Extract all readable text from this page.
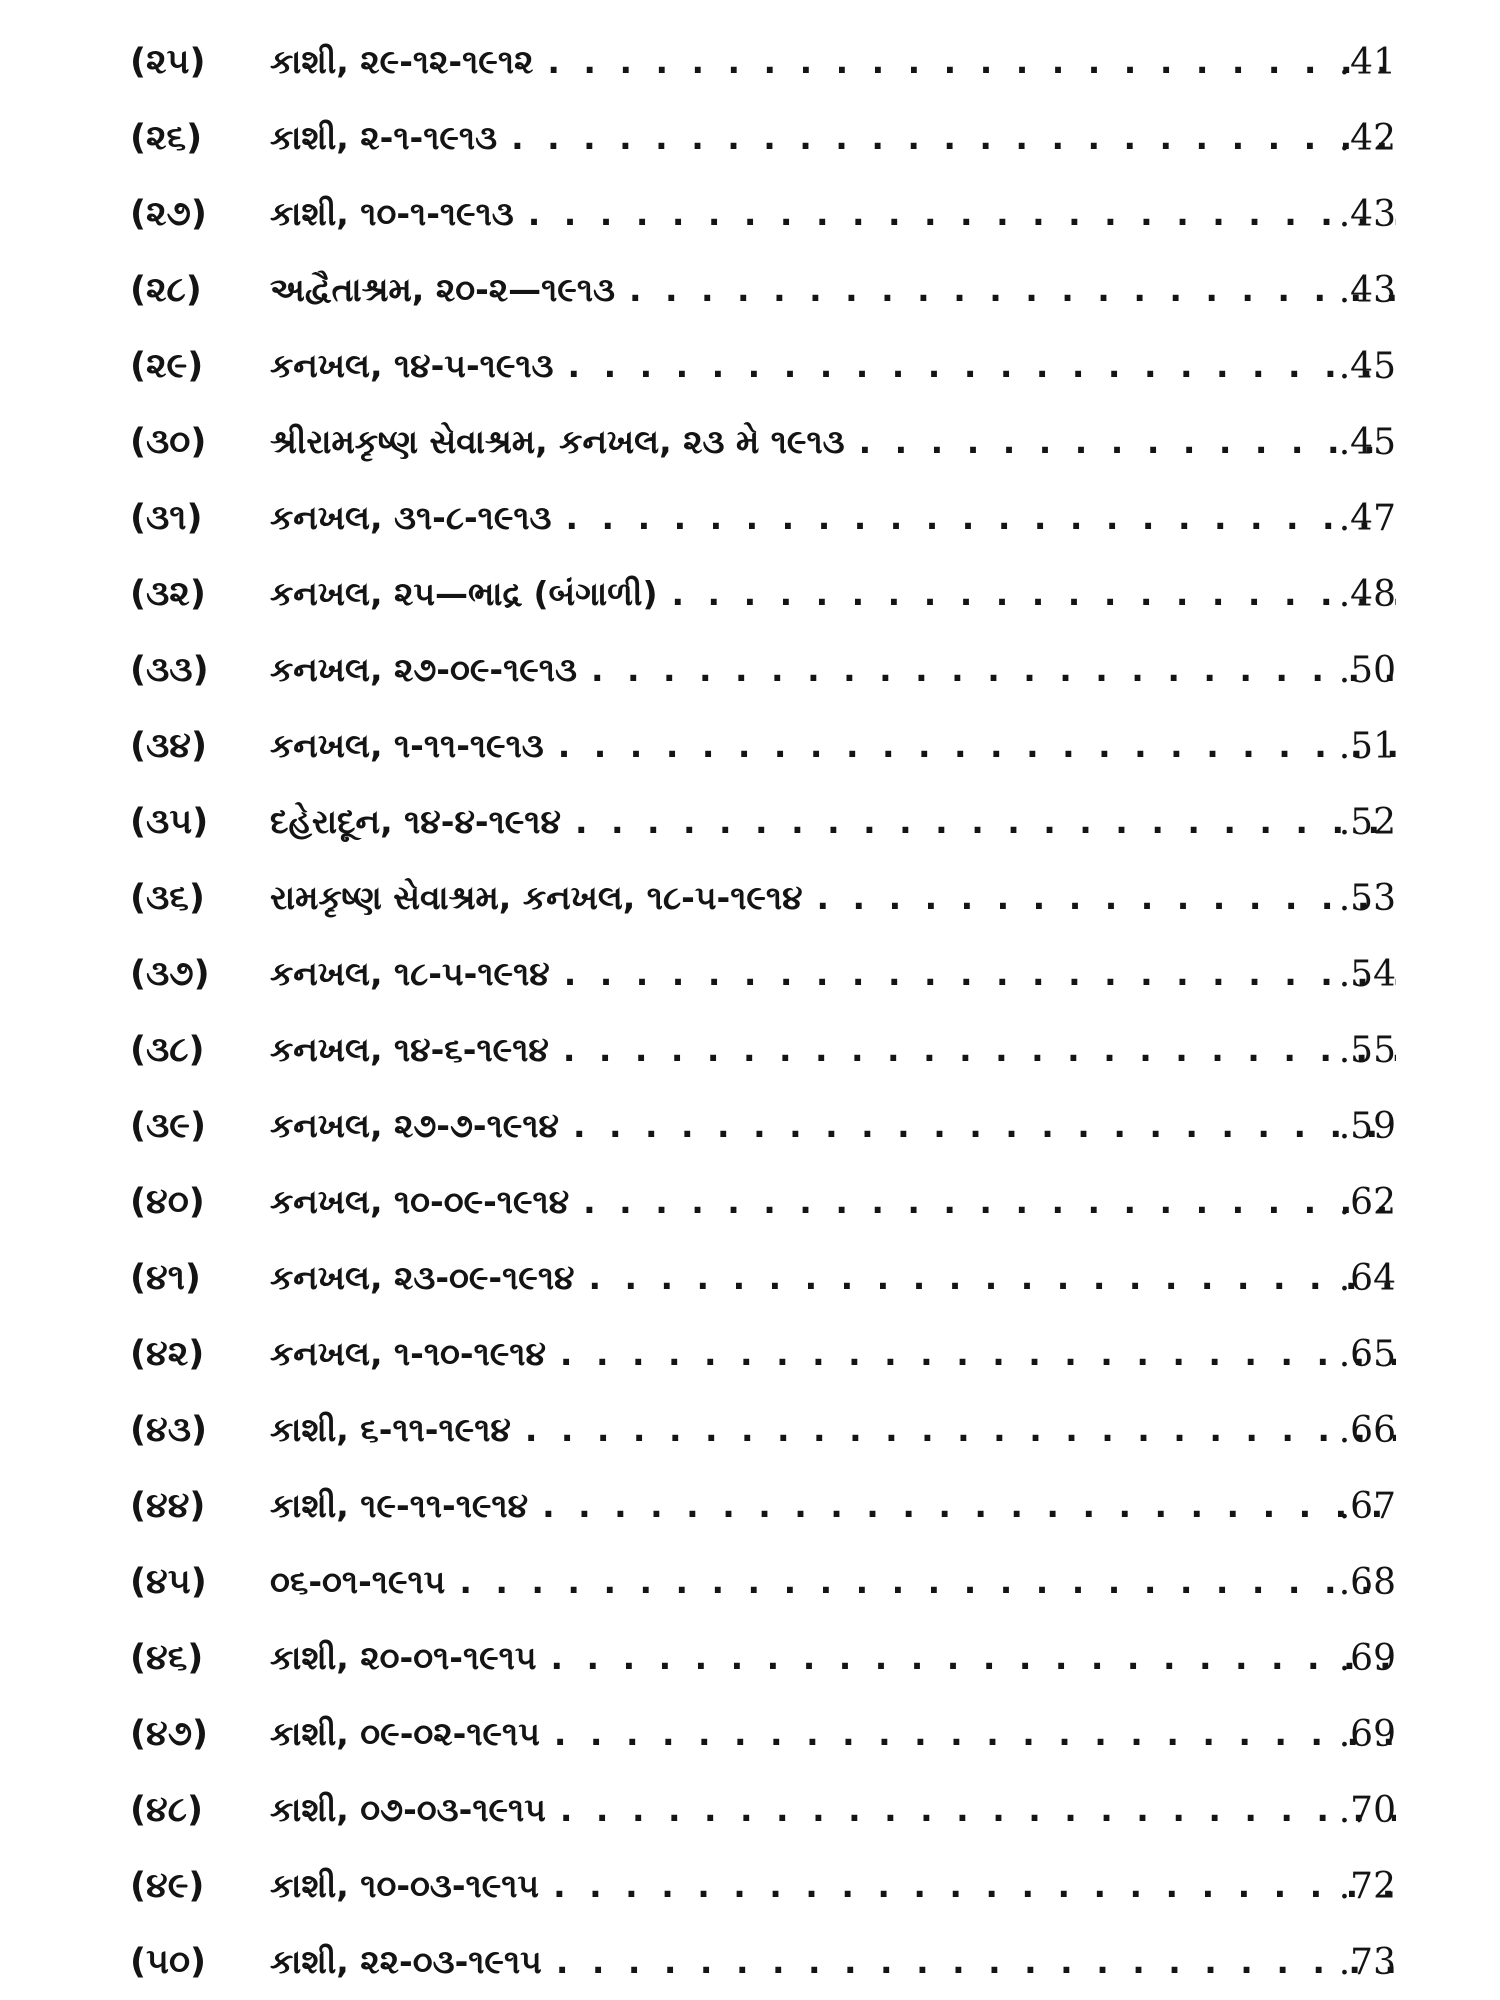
(૨૫)	કાશી, ૨૯-૧૨-૧૯૧૨ . . .	.41
(૨૬)	કાશી, ૨-૧-૧૯૧૩ . . .	.42
(૨૭)	કાશી, ૧૦-૧-૧૯૧૩ . . .	.43
(૨૮)	અદ્વૈતાશ્રમ, ૨૦-૨—૧૯૧૩ . . .	.43
(૨૯)	કનખલ, ૧૪-૫-૧૯૧૩ . . .	.45
(૩૦)	શ્રીરામકૃષ્ણ સેવાશ્રમ, કનખલ, ૨૩ મે ૧૯૧૩ . . .	.45
(૩૧)	કનખલ, ૩૧-૮-૧૯૧૩ . . .	.47
(૩૨)	કનખલ, ૨૫—ભાદ્ર (બંગાળી) . . .	.48
(૩૩)	કનખલ, ૨૭-૦૯-૧૯૧૩ . . .	.50
(૩૪)	કનખલ, ૧-૧૧-૧૯૧૩ . . .	.51
(૩૫)	દહેરાદૂન, ૧૪-૪-૧૯૧૪ . . .	.52
(૩૬)	રામકૃષ્ણ સેવાશ્રમ, કનખલ, ૧૮-૫-૧૯૧૪ . . .	.53
(૩૭)	કનખલ, ૧૮-૫-૧૯૧૪ . . .	.54
(૩૮)	કનખલ, ૧૪-૬-૧૯૧૪ . . .	.55
(૩૯)	કનખલ, ૨૭-૭-૧૯૧૪ . . .	.59
(૪૦)	કનખલ, ૧૦-૦૯-૧૯૧૪ . . .	.62
(૪૧)	કનખલ, ૨૩-૦૯-૧૯૧૪ . . .	.64
(૪૨)	કનખલ, ૧-૧૦-૧૯૧૪ . . .	.65
(૪૩)	કાશી, ૬-૧૧-૧૯૧૪ . . .	.66
(૪૪)	કાશી, ૧૯-૧૧-૧૯૧૪ . . .	.67
(૪૫)	૦૬-૦૧-૧૯૧૫ . . .	.68
(૪૬)	કાશી, ૨૦-૦૧-૧૯૧૫ . . .	.69
(૪૭)	કાશી, ૦૯-૦૨-૧૯૧૫ . . .	.69
(૪૮)	કાશી, ૦૭-૦૩-૧૯૧૫ . . .	.70
(૪૯)	કાશી, ૧૦-૦૩-૧૯૧૫ . . .	.72
(૫૦)	કાશી, ૨૨-૦૩-૧૯૧૫ . . .	.73
